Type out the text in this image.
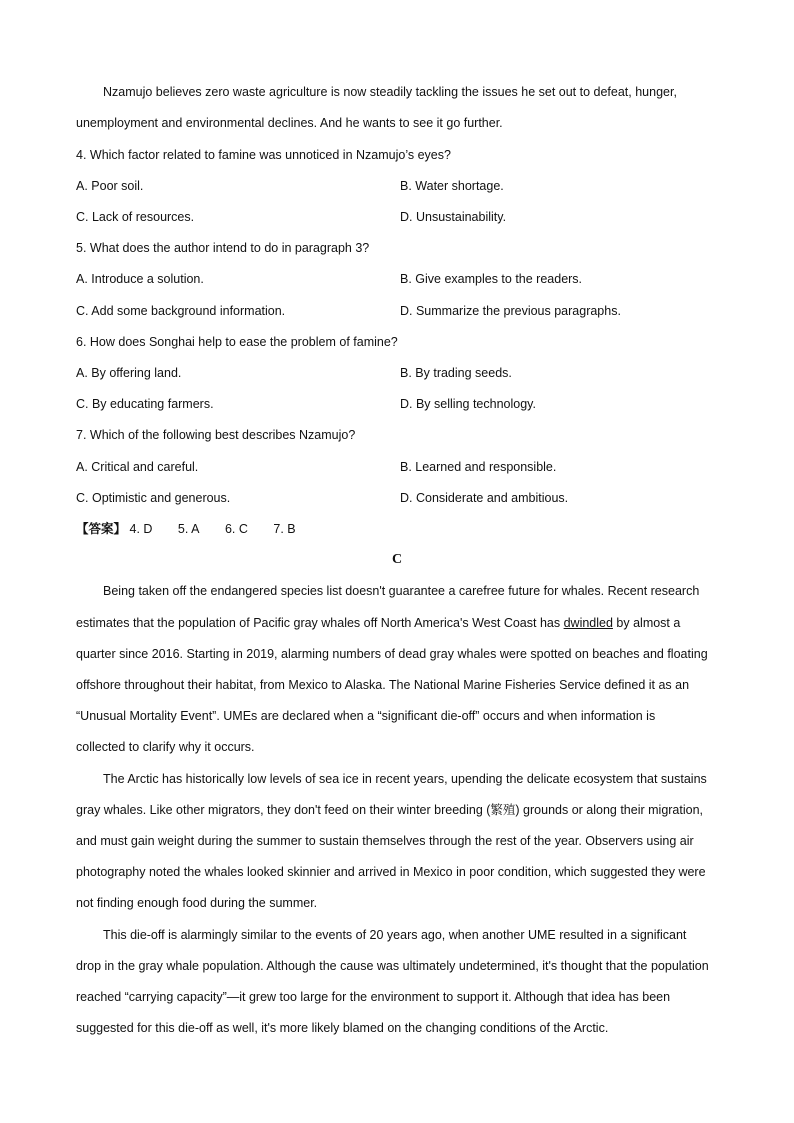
Nzamujo believes zero waste agriculture is now steadily tackling the issues he set out to defeat, hunger,
unemployment and environmental declines. And he wants to see it go further.
4. Which factor related to famine was unnoticed in Nzamujo’s eyes?
A. Poor soil.	B. Water shortage.
C. Lack of resources.	D. Unsustainability.
5. What does the author intend to do in paragraph 3?
A. Introduce a solution.	B. Give examples to the readers.
C. Add some background information.	D. Summarize the previous paragraphs.
6. How does Songhai help to ease the problem of famine?
A. By offering land.	B. By trading seeds.
C. By educating farmers.	D. By selling technology.
7. Which of the following best describes Nzamujo?
A. Critical and careful.	B. Learned and responsible.
C. Optimistic and generous.	D. Considerate and ambitious.
【答案】 4. D 5. A 6. C 7. B
C
Being taken off the endangered species list doesn't guarantee a carefree future for whales. Recent research
estimates that the population of Pacific gray whales off North America's West Coast has dwindled by almost a
quarter since 2016. Starting in 2019, alarming numbers of dead gray whales were spotted on beaches and floating
offshore throughout their habitat, from Mexico to Alaska. The National Marine Fisheries Service defined it as an
“Unusual Mortality Event”. UMEs are declared when a “significant die-off” occurs and when information is
collected to clarify why it occurs.
The Arctic has historically low levels of sea ice in recent years, upending the delicate ecosystem that sustains
gray whales. Like other migrators, they don't feed on their winter breeding (繁殖) grounds or along their migration,
and must gain weight during the summer to sustain themselves through the rest of the year. Observers using air
photography noted the whales looked skinnier and arrived in Mexico in poor condition, which suggested they were
not finding enough food during the summer.
This die-off is alarmingly similar to the events of 20 years ago, when another UME resulted in a significant
drop in the gray whale population. Although the cause was ultimately undetermined, it's thought that the population
reached “carrying capacity”—it grew too large for the environment to support it. Although that idea has been
suggested for this die-off as well, it's more likely blamed on the changing conditions of the Arctic.
